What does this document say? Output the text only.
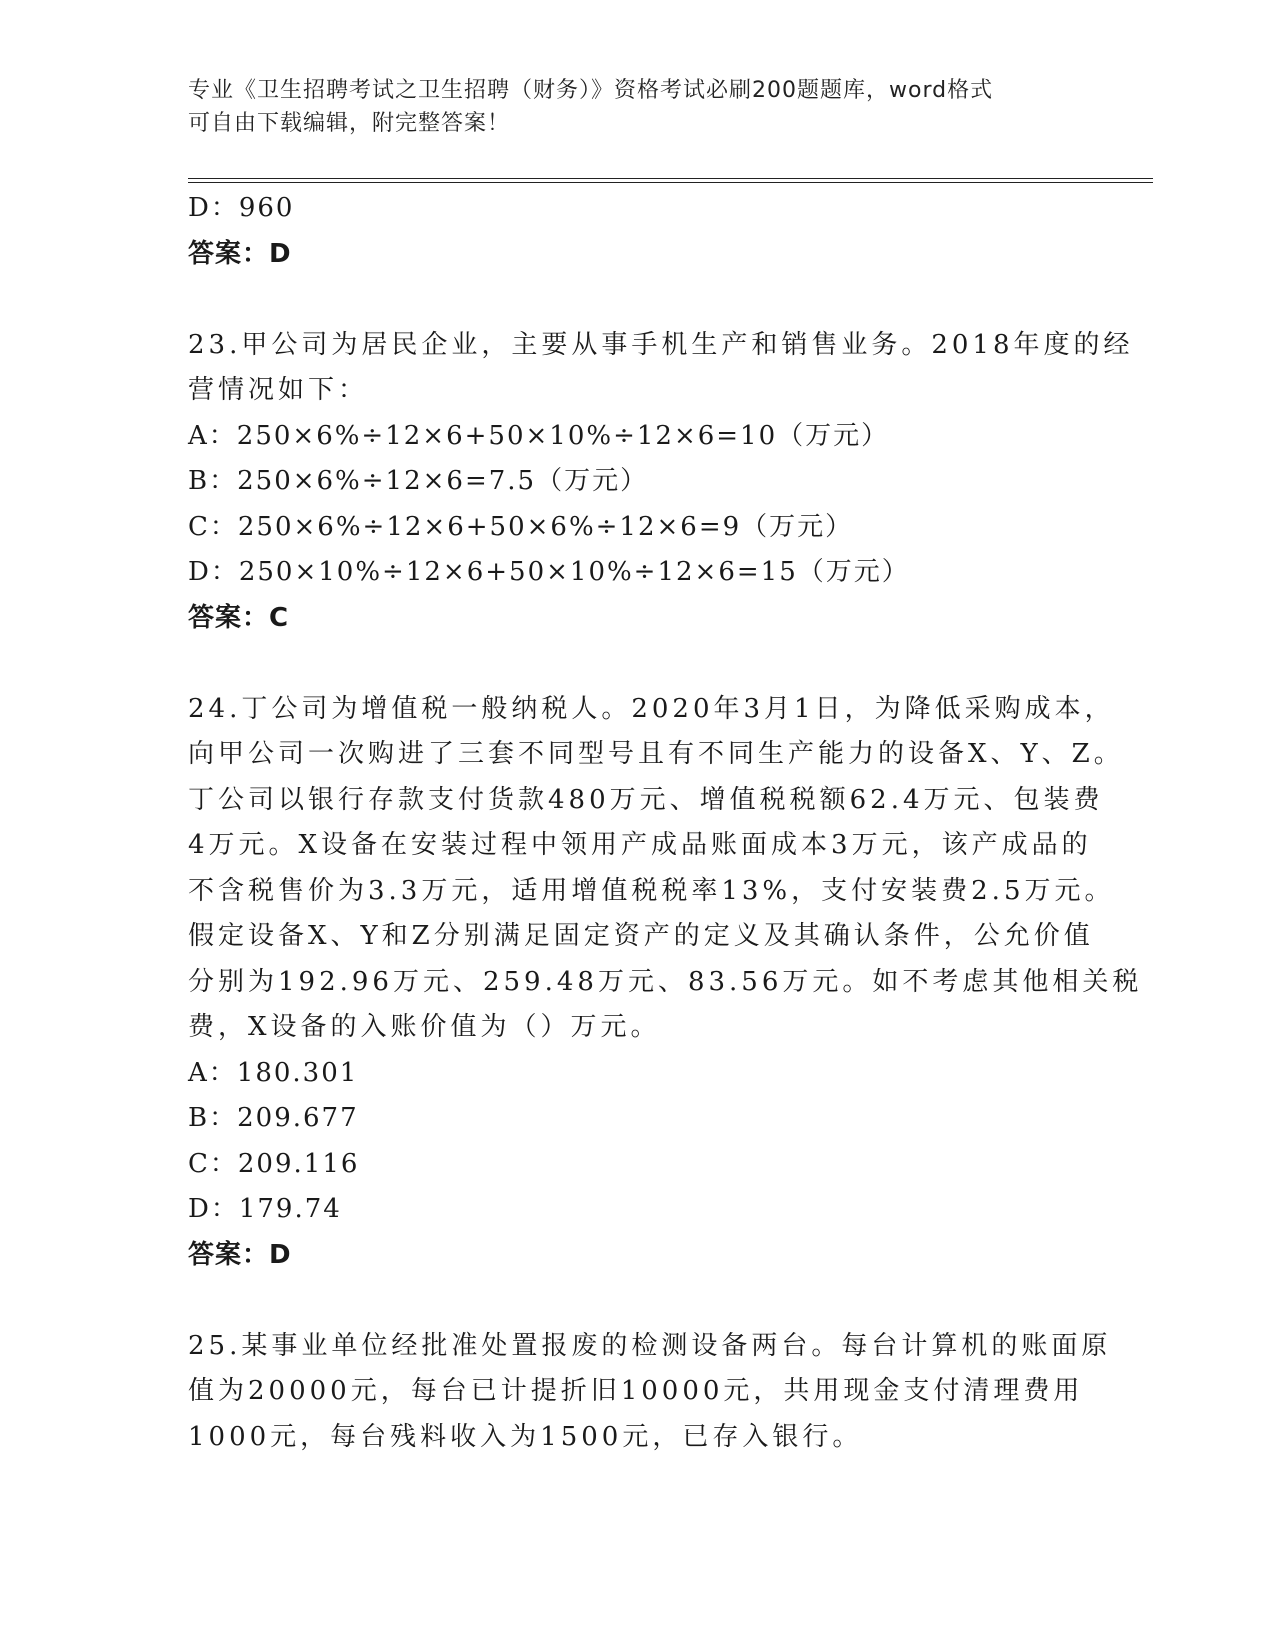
专业《卫生招聘考试之卫生招聘（财务）》资格考试必刷200题题库，word格式
可自由下载编辑，附完整答案！
D：960
答案：D
23.甲公司为居民企业，主要从事手机生产和销售业务。2018年度的经
营情况如下：
A：250×6%÷12×6+50×10%÷12×6=10（万元）
B：250×6%÷12×6=7.5（万元）
C：250×6%÷12×6+50×6%÷12×6=9（万元）
D：250×10%÷12×6+50×10%÷12×6=15（万元）
答案：C
24.丁公司为增值税一般纳税人。2020年3月1日，为降低采购成本，
向甲公司一次购进了三套不同型号且有不同生产能力的设备X、Y、Z。
丁公司以银行存款支付货款480万元、增值税税额62.4万元、包装费
4万元。X设备在安装过程中领用产成品账面成本3万元，该产成品的
不含税售价为3.3万元，适用增值税税率13%，支付安装费2.5万元。
假定设备X、Y和Z分别满足固定资产的定义及其确认条件，公允价值
分别为192.96万元、259.48万元、83.56万元。如不考虑其他相关税
费，X设备的入账价值为（）万元。
A：180.301
B：209.677
C：209.116
D：179.74
答案：D
25.某事业单位经批准处置报废的检测设备两台。每台计算机的账面原
值为20000元，每台已计提折旧10000元，共用现金支付清理费用
1000元，每台残料收入为1500元，已存入银行。
